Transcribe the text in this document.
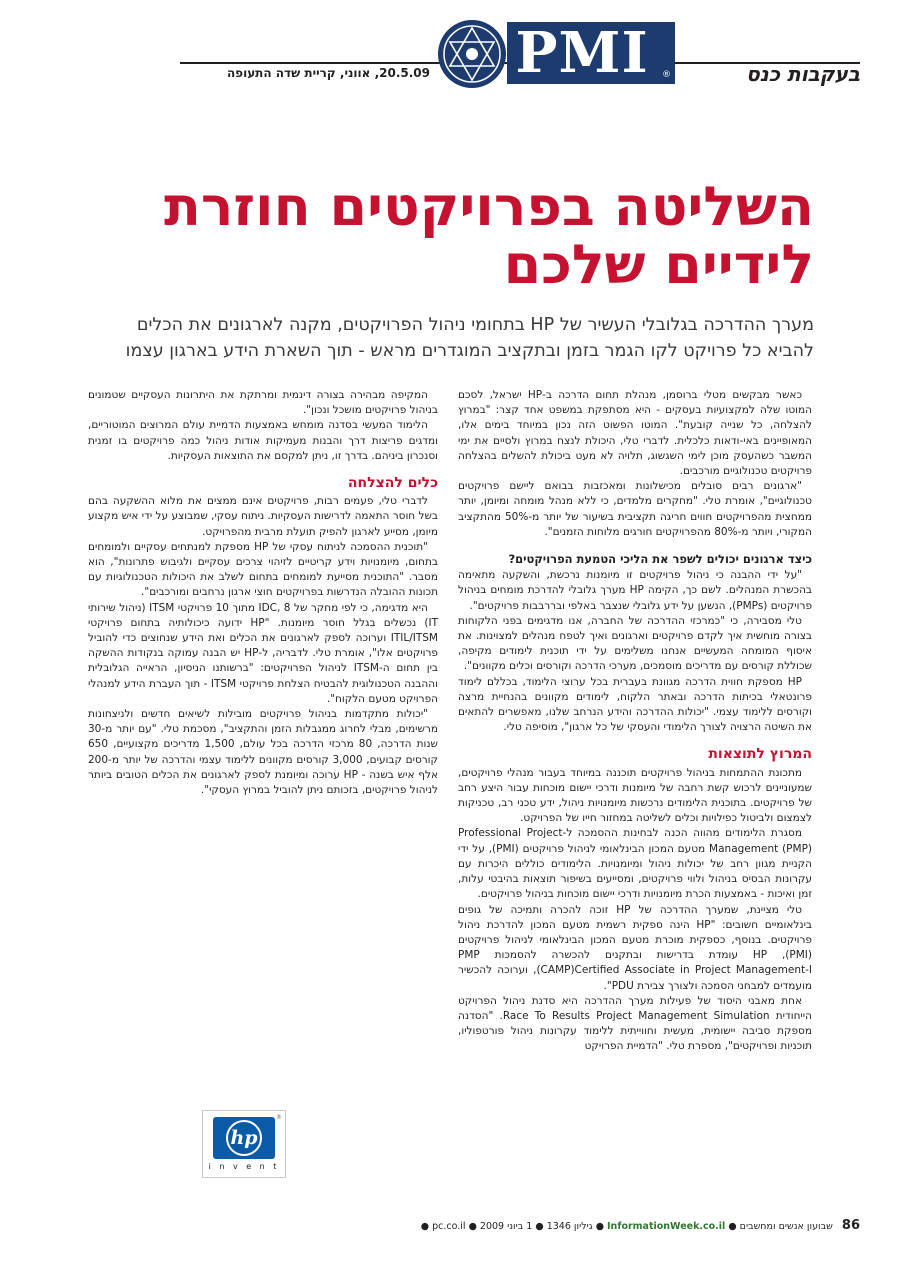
20.5.09, אווני, קריית שדה התעופה	בעקבות כנס
PMI	®
השליטה בפרויקטים חוזרת
לידיים שלכם
מערך ההדרכה בגלובלי העשיר של HP בתחומי ניהול הפרויקטים, מקנה לארגונים את הכלים
להביא כל פרויקט לקו הגמר בזמן ובתקציב המוגדרים מראש - תוך השארת הידע בארגון עצמו

כאשר מבקשים מטלי ברוסמן, מנהלת תחום הדרכה ב-HP ישראל, לסכם המוטו שלה למקצועיות בעסקים - היא מסתפקת במשפט אחד קצר: "במרוץ להצלחה, כל שנייה קובעת". המוטו הפשוט הזה נכון במיוחד בימים אלו, המאופיינים באי-ודאות כלכלית. לדברי טלי, היכולת לנצח במרוץ ולסיים את ימי המשבר כשהעסק מוכן לימי השגשוג, תלויה לא מעט ביכולת להשלים בהצלחה פרויקטים טכנולוגיים מורכבים.

"ארגונים רבים סובלים מכישלונות ומאכזבות בבואם ליישם פרויקטים טכנולוגיים", אומרת טלי. "מחקרים מלמדים, כי ללא מנהל מומחה ומיומן, יותר ממחצית מהפרויקטים חווים חריגה תקציבית בשיעור של יותר מ-50% מהתקציב המקורי, ויותר מ-80% מהפרויקטים חורגים מלוחות הזמנים".

כיצד ארגונים יכולים לשפר את הליכי הטמעת הפרויקטים?

"על ידי ההבנה כי ניהול פרויקטים זו מיומנות נרכשת, והשקעה מתאימה בהכשרת המנהלים. לשם כך, הקימה HP מערך גלובלי להדרכת מומחים בניהול פרויקטים (PMPs), הנשען על ידע גלובלי שנצבר באלפי ובררבבות פרויקטים".

טלי מסבירה, כי "כמרכזי ההדרכה של החברה, אנו מדגימים בפני הלקוחות בצורה מוחשית איך לקדם פרויקטים וארגונים ואיך לטפח מנהלים למצוינות. את איסוף המומחה המעשיים אנחנו משלימים על ידי תוכנית לימודים מקיפה, שכוללת קורסים עם מדריכים מוסמכים, מערכי הדרכה וקורסים וכלים מקוונים".

HP מספקת חווית הדרכה מגוונת בעברית בכל ערוצי הלימוד, בכללם לימוד פרונטאלי בכיתות הדרכה ובאתר הלקוח, לימודים מקוונים בהנחיית מרצה וקורסים ללימוד עצמי. "יכולות ההדרכה והידע הנרחב שלנו, מאפשרים להתאים את השיטה הרצויה לצורך הלימודי והעסקי של כל ארגון", מוסיפה טלי.

המרוץ לתוצאות

מתכונת ההתמחות בניהול פרויקטים תוכננה במיוחד בעבור מנהלי פרויקטים, שמעוניינים לרכוש קשת רחבה של מיומנות ודרכי יישום מוכחות עבור היצע רחב של פרויקטים. בתוכנית הלימודים נרכשות מיומנויות ניהול, ידע טכני רב, טכניקות לצמצום ולביטול כפילויות וכלים לשליטה במחזור חייו של הפרויקט.

מסגרת הלימודים מהווה הכנה לבחינות ההסמכה ל-Professional Project Management (PMP) מטעם המכון הבינלאומי לניהול פרויקטים (PMI), על ידי הקניית מגוון רחב של יכולות ניהול ומיומנויות. הלימודים כוללים היכרות עם עקרונות הבסיס בניהול ולווי פרויקטים, ומסייעים בשיפור תוצאות בהיבטי עלות, זמן ואיכות - באמצעות הכרת מיומנויות ודרכי יישום מוכחות בניהול פרויקטים.

טלי מציינת, שמערך ההדרכה של HP זוכה להכרה ותמיכה של גופים בינלאומיים חשובים: "HP הינה ספקית רשמית מטעם המכון להדרכת ניהול פרויקטים. בנוסף, כספקית מוכרת מטעם המכון הבינלאומי לניהול פרויקטים (PMI), HP עומדת בדרישות ובתקנים להכשרה להסמכות PMP (CAMP)Certified Associate in Project Management-I, וערוכה להכשיר מועמדים למבחני הסמכה ולצורך צבירת PDU".

אחת מאבני היסוד של פעילות מערך ההדרכה היא סדנת ניהול הפרויקט הייחודית Race To Results Project Management Simulation. "הסדנה מספקת סביבה יישומית, מעשית וחווייתית ללימוד עקרונות ניהול פורטפוליו, תוכניות ופרויקטים", מספרת טלי. "הדמיית הפרויקט

המקיפה מבהירה בצורה דינמית ומרתקת את היתרונות העסקיים שטמונים בניהול פרויקטים מושכל ונכון".

הלימוד המעשי בסדנה מומחש באמצעות הדמיית עולם המרוצים המוטוריים, ומדגים פריצות דרך והבנות מעמיקות אודות ניהול כמה פרויקטים בו זמנית וסנכרון ביניהם. בדרך זו, ניתן למקסם את התוצאות העסקיות.

כלים להצלחה

לדברי טלי, פעמים רבות, פרויקטים אינם ממצים את מלוא ההשקעה בהם בשל חוסר התאמה לדרישות העסקיות. ניתוח עסקי, שמבוצע על ידי איש מקצוע מיומן, מסייע לארגון להפיק תועלת מרבית מהפרויקט.

"תוכנית ההסמכה לניתוח עסקי של HP מספקת למנתחים עסקיים ולמומחים בתחום, מיומנויות וידע קריטיים לזיהוי צרכים עסקיים ולגיבוש פתרונות", הוא מסבר. "התוכנית מסייעת למומחים בתחום לשלב את היכולות הטכנולוגיות עם תכונות ההובלה הנדרשות בפרויקטים חוצי ארגון נרחבים ומורכבים".

היא מדגימה, כי לפי מחקר של IDC, 8 מתוך 10 פרויקטי ITSM (ניהול שירותי IT) נכשלים בגלל חוסר מיומנות. "HP ידועה כיכולותיה בתחום פרויקטי ITIL/ITSM וערוכה לספק לארגונים את הכלים ואת הידע שנחוצים כדי להוביל פרויקטים אלו", אומרת טלי. לדבריה, ל-HP יש הבנה עמוקה בנקודות ההשקה בין תחום ה-ITSM לניהול הפרויקטים: "ברשותנו הניסיון, הראייה הגלובלית וההבנה הטכנולוגית להבטיח הצלחת פרויקטי ITSM - תוך העברת הידע למנהלי הפרויקט מטעם הלקוח".

"יכולות מתקדמות בניהול פרויקטים מובילות לשיאים חדשים ולניצחונות מרשימים, מבלי לחרוג ממגבלות הזמן והתקציב", מסכמת טלי. "עם יותר מ-30 שנות הדרכה, 80 מרכזי הדרכה בכל עולם, 1,500 מדריכים מקצועיים, 650 קורסים קבועים, 3,000 קורסים מקוונים ללימוד עצמי והדרכה של יותר מ-200 אלף איש בשנה - HP ערוכה ומיומנת לספק לארגונים את הכלים הטובים ביותר לניהול פרויקטים, בזכותם ניתן להוביל במרוץ העסקי".

hp
®
i n v e n t
86   שבועון אנשים ומחשבים ● InformationWeek.co.il ● גיליון 1346 ● 1 ביוני 2009 ● pc.co.il ●
